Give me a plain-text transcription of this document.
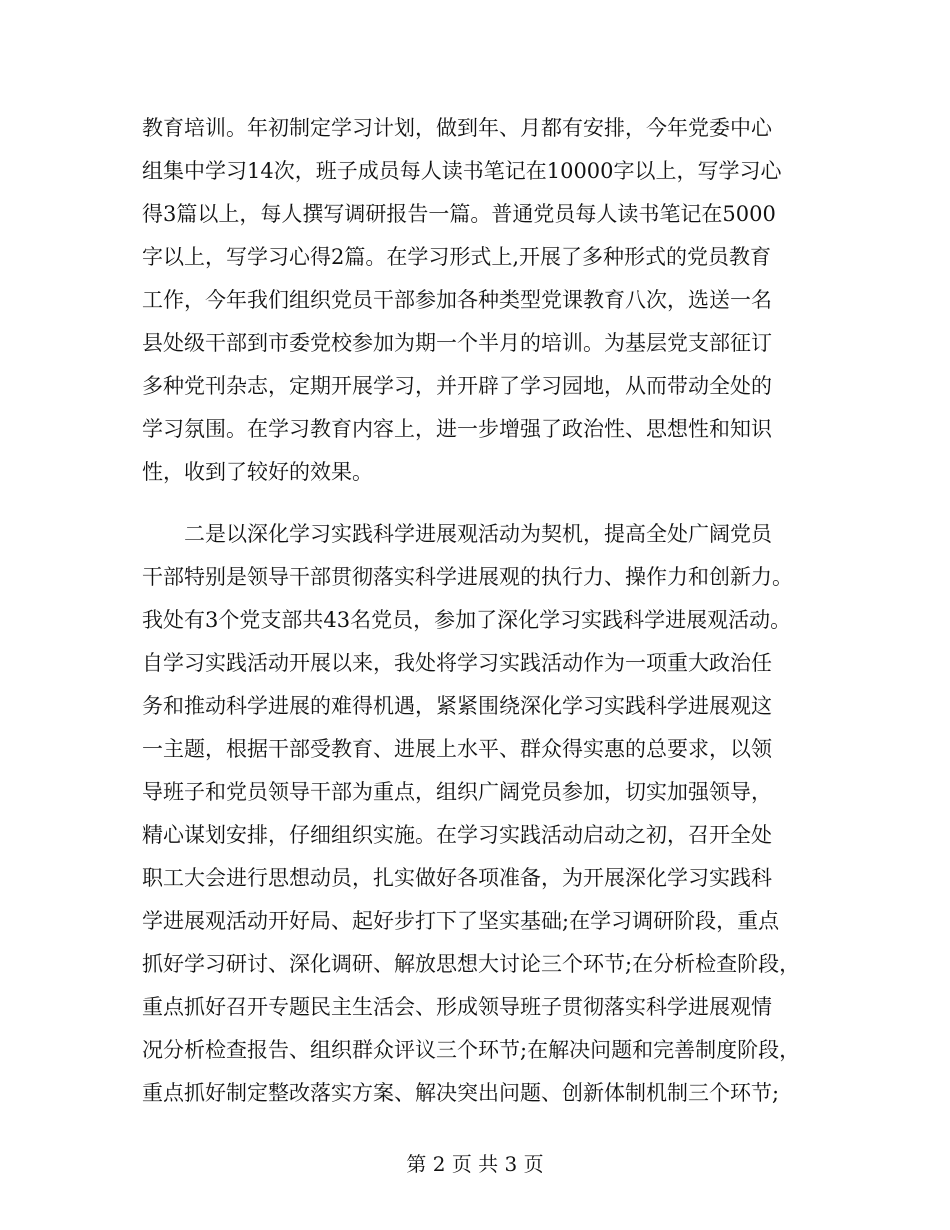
教育培训。年初制定学习计划，做到年、月都有安排，今年党委中心
组集中学习14次，班子成员每人读书笔记在10000字以上，写学习心
得3篇以上，每人撰写调研报告一篇。普通党员每人读书笔记在5000
字以上，写学习心得2篇。在学习形式上,开展了多种形式的党员教育
工作，今年我们组织党员干部参加各种类型党课教育八次，选送一名
县处级干部到市委党校参加为期一个半月的培训。为基层党支部征订
多种党刊杂志，定期开展学习，并开辟了学习园地，从而带动全处的
学习氛围。在学习教育内容上，进一步增强了政治性、思想性和知识
性，收到了较好的效果。
二是以深化学习实践科学进展观活动为契机，提高全处广阔党员
干部特别是领导干部贯彻落实科学进展观的执行力、操作力和创新力。
我处有3个党支部共43名党员，参加了深化学习实践科学进展观活动。
自学习实践活动开展以来，我处将学习实践活动作为一项重大政治任
务和推动科学进展的难得机遇，紧紧围绕深化学习实践科学进展观这
一主题，根据干部受教育、进展上水平、群众得实惠的总要求，以领
导班子和党员领导干部为重点，组织广阔党员参加，切实加强领导，
精心谋划安排，仔细组织实施。在学习实践活动启动之初，召开全处
职工大会进行思想动员，扎实做好各项准备，为开展深化学习实践科
学进展观活动开好局、起好步打下了坚实基础;在学习调研阶段，重点
抓好学习研讨、深化调研、解放思想大讨论三个环节;在分析检查阶段，
重点抓好召开专题民主生活会、形成领导班子贯彻落实科学进展观情
况分析检查报告、组织群众评议三个环节;在解决问题和完善制度阶段，
重点抓好制定整改落实方案、解决突出问题、创新体制机制三个环节;
第 2 页 共 3 页
